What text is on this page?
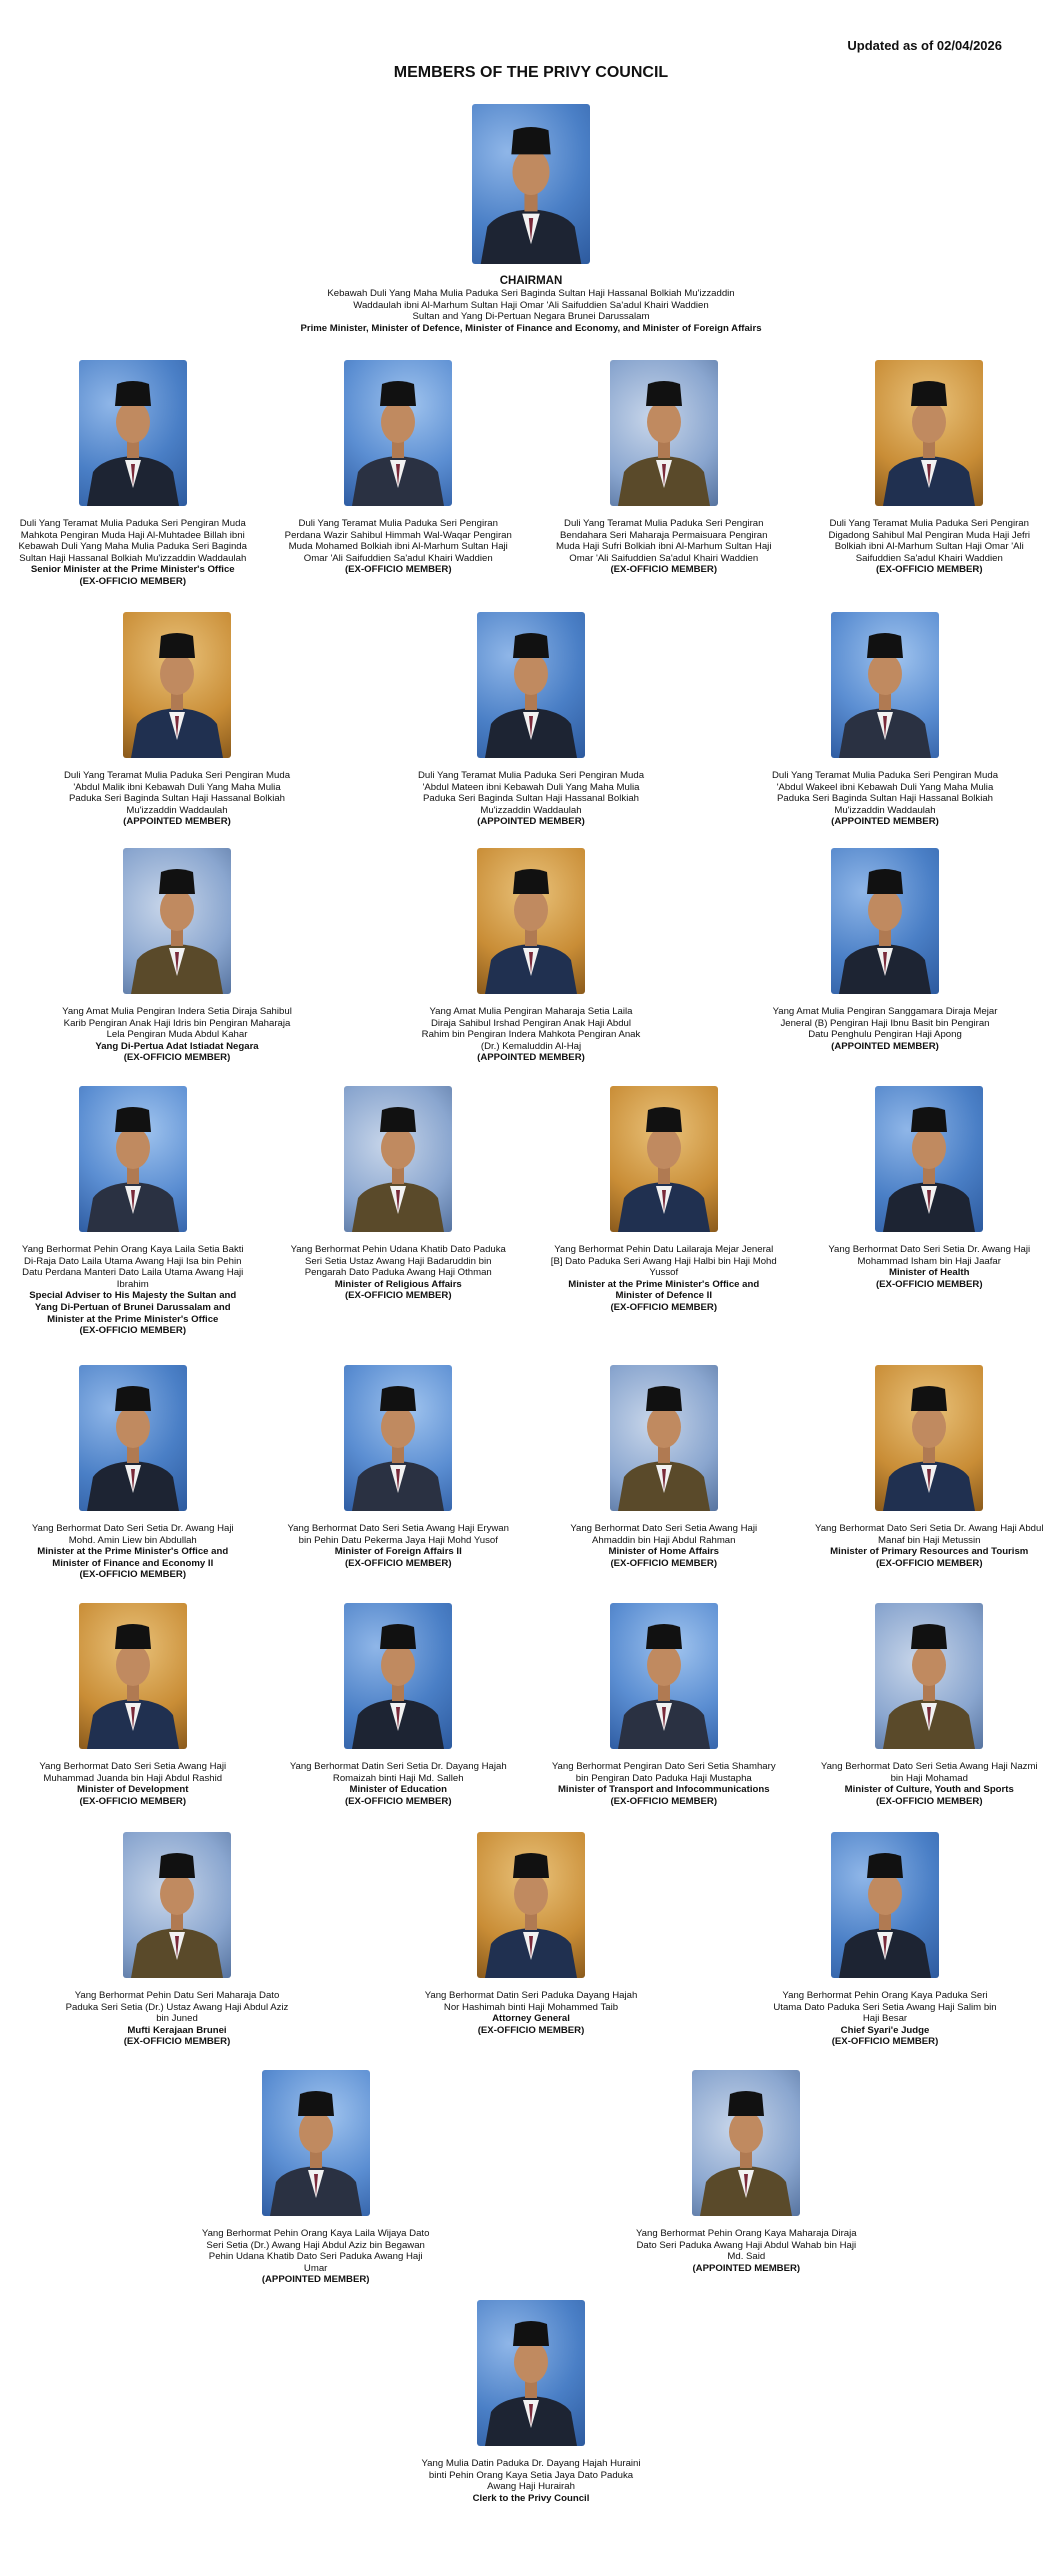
Updated as of 02/04/2026
MEMBERS OF THE PRIVY COUNCIL
CHAIRMAN
Kebawah Duli Yang Maha Mulia Paduka Seri Baginda Sultan Haji Hassanal Bolkiah Mu'izzaddin
Waddaulah ibni Al-Marhum Sultan Haji Omar 'Ali Saifuddien Sa'adul Khairi Waddien
Sultan and Yang Di-Pertuan Negara Brunei Darussalam
Prime Minister, Minister of Defence, Minister of Finance and Economy, and Minister of Foreign Affairs
Duli Yang Teramat Mulia Paduka Seri Pengiran Muda Mahkota Pengiran Muda Haji Al-Muhtadee Billah ibni Kebawah Duli Yang Maha Mulia Paduka Seri Baginda Sultan Haji Hassanal Bolkiah Mu'izzaddin Waddaulah
Senior Minister at the Prime Minister's Office
(EX-OFFICIO MEMBER)
Duli Yang Teramat Mulia Paduka Seri Pengiran Perdana Wazir Sahibul Himmah Wal-Waqar Pengiran Muda Mohamed Bolkiah ibni Al-Marhum Sultan Haji Omar 'Ali Saifuddien Sa'adul Khairi Waddien
(EX-OFFICIO MEMBER)
Duli Yang Teramat Mulia Paduka Seri Pengiran Bendahara Seri Maharaja Permaisuara Pengiran Muda Haji Sufri Bolkiah ibni Al-Marhum Sultan Haji Omar 'Ali Saifuddien Sa'adul Khairi Waddien
(EX-OFFICIO MEMBER)
Duli Yang Teramat Mulia Paduka Seri Pengiran Digadong Sahibul Mal Pengiran Muda Haji Jefri Bolkiah ibni Al-Marhum Sultan Haji Omar 'Ali Saifuddien Sa'adul Khairi Waddien
(EX-OFFICIO MEMBER)
Duli Yang Teramat Mulia Paduka Seri Pengiran Muda 'Abdul Malik ibni Kebawah Duli Yang Maha Mulia Paduka Seri Baginda Sultan Haji Hassanal Bolkiah Mu'izzaddin Waddaulah
(APPOINTED MEMBER)
Duli Yang Teramat Mulia Paduka Seri Pengiran Muda 'Abdul Mateen ibni Kebawah Duli Yang Maha Mulia Paduka Seri Baginda Sultan Haji Hassanal Bolkiah Mu'izzaddin Waddaulah
(APPOINTED MEMBER)
Duli Yang Teramat Mulia Paduka Seri Pengiran Muda 'Abdul Wakeel ibni Kebawah Duli Yang Maha Mulia Paduka Seri Baginda Sultan Haji Hassanal Bolkiah Mu'izzaddin Waddaulah
(APPOINTED MEMBER)
Yang Amat Mulia Pengiran Indera Setia Diraja Sahibul Karib Pengiran Anak Haji Idris bin Pengiran Maharaja Lela Pengiran Muda Abdul Kahar
Yang Di-Pertua Adat Istiadat Negara
(EX-OFFICIO MEMBER)
Yang Amat Mulia Pengiran Maharaja Setia Laila Diraja Sahibul Irshad Pengiran Anak Haji Abdul Rahim bin Pengiran Indera Mahkota Pengiran Anak (Dr.) Kemaluddin Al-Haj
(APPOINTED MEMBER)
Yang Amat Mulia Pengiran Sanggamara Diraja Mejar Jeneral (B) Pengiran Haji Ibnu Basit bin Pengiran Datu Penghulu Pengiran Haji Apong
(APPOINTED MEMBER)
Yang Berhormat Pehin Orang Kaya Laila Setia Bakti Di-Raja Dato Laila Utama Awang Haji Isa bin Pehin Datu Perdana Manteri Dato Laila Utama Awang Haji Ibrahim
Special Adviser to His Majesty the Sultan and Yang Di-Pertuan of Brunei Darussalam and Minister at the Prime Minister's Office
(EX-OFFICIO MEMBER)
Yang Berhormat Pehin Udana Khatib Dato Paduka Seri Setia Ustaz Awang Haji Badaruddin bin Pengarah Dato Paduka Awang Haji Othman
Minister of Religious Affairs
(EX-OFFICIO MEMBER)
Yang Berhormat Pehin Datu Lailaraja Mejar Jeneral [B] Dato Paduka Seri Awang Haji Halbi bin Haji Mohd Yussof
Minister at the Prime Minister's Office and Minister of Defence II
(EX-OFFICIO MEMBER)
Yang Berhormat Dato Seri Setia Dr. Awang Haji Mohammad Isham bin Haji Jaafar
Minister of Health
(EX-OFFICIO MEMBER)
Yang Berhormat Dato Seri Setia Dr. Awang Haji Mohd. Amin Liew bin Abdullah
Minister at the Prime Minister's Office and Minister of Finance and Economy II
(EX-OFFICIO MEMBER)
Yang Berhormat Dato Seri Setia Awang Haji Erywan bin Pehin Datu Pekerma Jaya Haji Mohd Yusof
Minister of Foreign Affairs II
(EX-OFFICIO MEMBER)
Yang Berhormat Dato Seri Setia Awang Haji Ahmaddin bin Haji Abdul Rahman
Minister of Home Affairs
(EX-OFFICIO MEMBER)
Yang Berhormat Dato Seri Setia Dr. Awang Haji Abdul Manaf bin Haji Metussin
Minister of Primary Resources and Tourism
(EX-OFFICIO MEMBER)
Yang Berhormat Dato Seri Setia Awang Haji Muhammad Juanda bin Haji Abdul Rashid
Minister of Development
(EX-OFFICIO MEMBER)
Yang Berhormat Datin Seri Setia Dr. Dayang Hajah Romaizah binti Haji Md. Salleh
Minister of Education
(EX-OFFICIO MEMBER)
Yang Berhormat Pengiran Dato Seri Setia Shamhary bin Pengiran Dato Paduka Haji Mustapha
Minister of Transport and Infocommunications
(EX-OFFICIO MEMBER)
Yang Berhormat Dato Seri Setia Awang Haji Nazmi bin Haji Mohamad
Minister of Culture, Youth and Sports
(EX-OFFICIO MEMBER)
Yang Berhormat Pehin Datu Seri Maharaja Dato Paduka Seri Setia (Dr.) Ustaz Awang Haji Abdul Aziz bin Juned
Mufti Kerajaan Brunei
(EX-OFFICIO MEMBER)
Yang Berhormat Datin Seri Paduka Dayang Hajah Nor Hashimah binti Haji Mohammed Taib
Attorney General
(EX-OFFICIO MEMBER)
Yang Berhormat Pehin Orang Kaya Paduka Seri Utama Dato Paduka Seri Setia Awang Haji Salim bin Haji Besar
Chief Syari'e Judge
(EX-OFFICIO MEMBER)
Yang Berhormat Pehin Orang Kaya Laila Wijaya Dato Seri Setia (Dr.) Awang Haji Abdul Aziz bin Begawan Pehin Udana Khatib Dato Seri Paduka Awang Haji Umar
(APPOINTED MEMBER)
Yang Berhormat Pehin Orang Kaya Maharaja Diraja Dato Seri Paduka Awang Haji Abdul Wahab bin Haji Md. Said
(APPOINTED MEMBER)
Yang Mulia Datin Paduka Dr. Dayang Hajah Huraini binti Pehin Orang Kaya Setia Jaya Dato Paduka Awang Haji Hurairah
Clerk to the Privy Council
